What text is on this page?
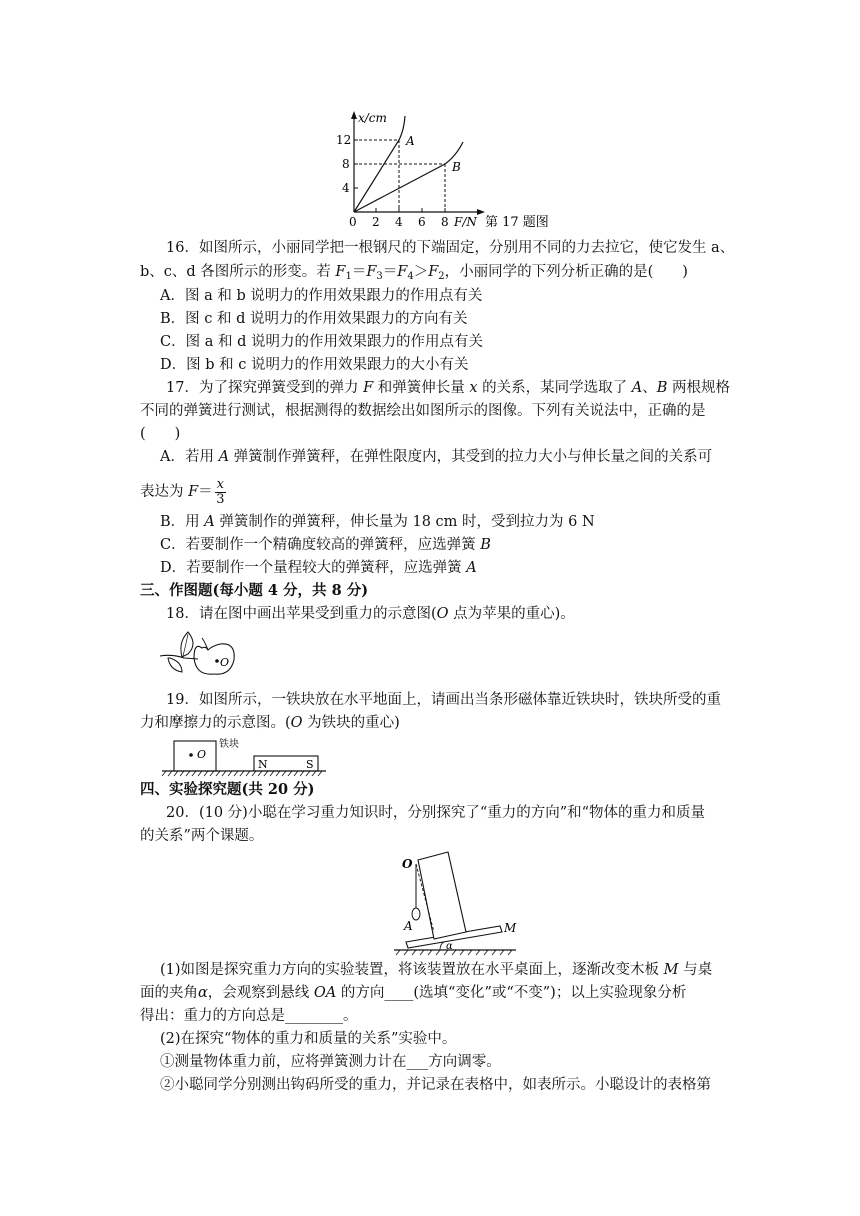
x/cm
12
8
4
0 2 4 6 8 F/N
A
B
第 17 题图
16．如图所示，小丽同学把一根钢尺的下端固定，分别用不同的力去拉它，使它发生 a、
b、c、d 各图所示的形变。若 $F_1=F_3=F_4>F_2$，小丽同学的下列分析正确的是(　　)
A．图 a 和 b 说明力的作用效果跟力的作用点有关
B．图 c 和 d 说明力的作用效果跟力的方向有关
C．图 a 和 d 说明力的作用效果跟力的作用点有关
D．图 b 和 c 说明力的作用效果跟力的大小有关
17．为了探究弹簧受到的弹力 F 和弹簧伸长量 x 的关系，某同学选取了 A、B 两根规格
不同的弹簧进行测试，根据测得的数据绘出如图所示的图像。下列有关说法中，正确的是
(　　)
A．若用 A 弹簧制作弹簧秤，在弹性限度内，其受到的拉力大小与伸长量之间的关系可
表达为 $F= \frac{x}{3}$
B．用 A 弹簧制作的弹簧秤，伸长量为 18 cm 时，受到拉力为 6 N
C．若要制作一个精确度较高的弹簧秤，应选弹簧 B
D．若要制作一个量程较大的弹簧秤，应选弹簧 A
三、作图题(每小题 4 分，共 8 分)
18．请在图中画出苹果受到重力的示意图(O 点为苹果的重心)。
O
19．如图所示，一铁块放在水平地面上，请画出当条形磁体靠近铁块时，铁块所受的重
力和摩擦力的示意图。(O 为铁块的重心)
O
铁块
N	S
四、实验探究题(共 20 分)
20．(10 分)小聪在学习重力知识时，分别探究了“重力的方向”和“物体的重力和质量
的关系”两个课题。
O
A	M
α
(1)如图是探究重力方向的实验装置，将该装置放在水平桌面上，逐渐改变木板 M 与桌
面的夹角α，会观察到悬线 OA 的方向____(选填“变化”或“不变”)；以上实验现象分析
得出：重力的方向总是________。
(2)在探究“物体的重力和质量的关系”实验中。
①测量物体重力前，应将弹簧测力计在___方向调零。
②小聪同学分别测出钩码所受的重力，并记录在表格中，如表所示。小聪设计的表格第
